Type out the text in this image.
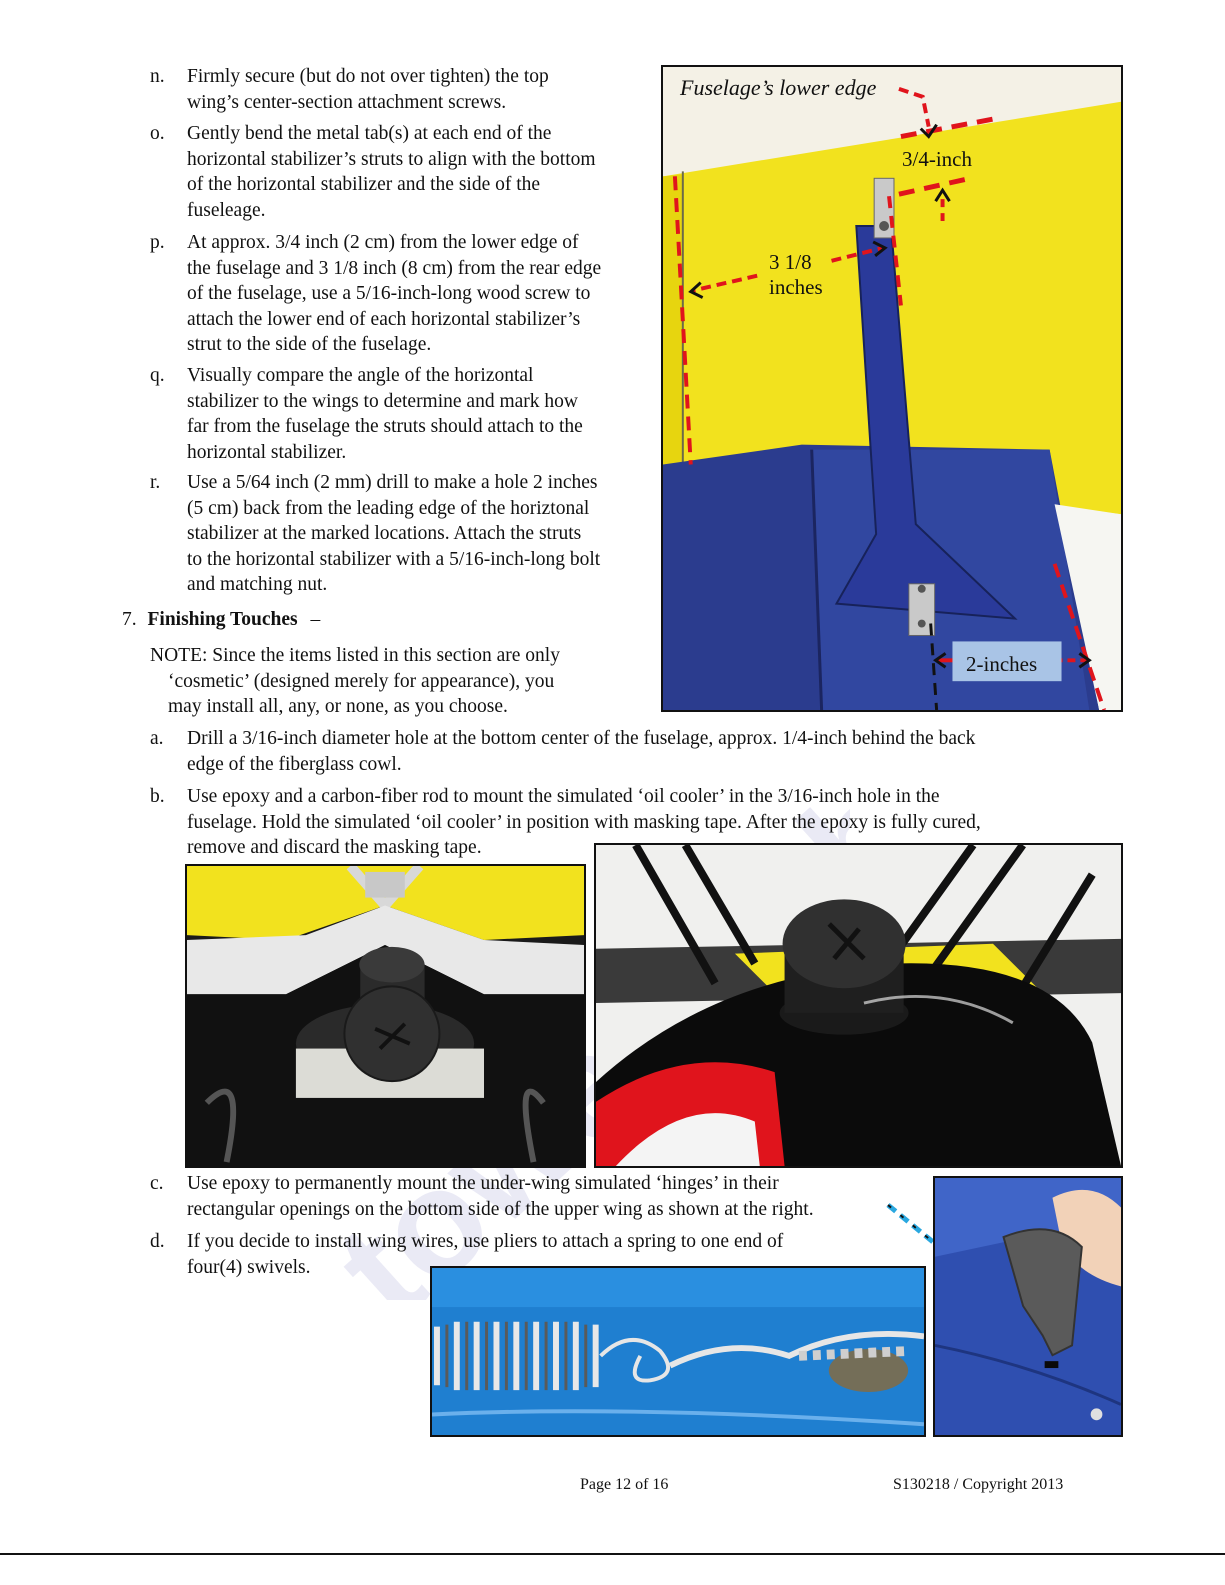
hobbyford
n. Firmly secure (but do not over tighten) the top
wing’s center-section attachment screws.
o. Gently bend the metal tab(s) at each end of the
horizontal stabilizer’s struts to align with the bottom
of the horizontal stabilizer and the side of the
fuseleage.
p. At approx. 3/4 inch (2 cm) from the lower edge of
the fuselage and 3 1/8 inch (8 cm) from the rear edge
of the fuselage, use a 5/16-inch-long wood screw to
attach the lower end of each horizontal stabilizer’s
strut to the side of the fuselage.
q. Visually compare the angle of the horizontal
stabilizer to the wings to determine and mark how
far from the fuselage the struts should attach to the
horizontal stabilizer.
r. Use a 5/64 inch (2 mm) drill to make a hole 2 inches
(5 cm) back from the leading edge of the horiztonal
stabilizer at the marked locations. Attach the struts
to the horizontal stabilizer with a 5/16-inch-long bolt
and matching nut.
7. Finishing Touches –
NOTE: Since the items listed in this section are only
‘cosmetic’ (designed merely for appearance), you
may install all, any, or none, as you choose.
Fuselage’s lower edge
3/4-inch
3 1/8
inches
2-inches
a. Drill a 3/16-inch diameter hole at the bottom center of the fuselage, approx. 1/4-inch behind the back
edge of the fiberglass cowl.
b. Use epoxy and a carbon-fiber rod to mount the simulated ‘oil cooler’ in the 3/16-inch hole in the
fuselage. Hold the simulated ‘oil cooler’ in position with masking tape. After the epoxy is fully cured,
remove and discard the masking tape.
c. Use epoxy to permanently mount the under-wing simulated ‘hinges’ in their
rectangular openings on the bottom side of the upper wing as shown at the right.
d. If you decide to install wing wires, use pliers to attach a spring to one end of
four(4) swivels.
Page 12 of 16	S130218 / Copyright 2013
